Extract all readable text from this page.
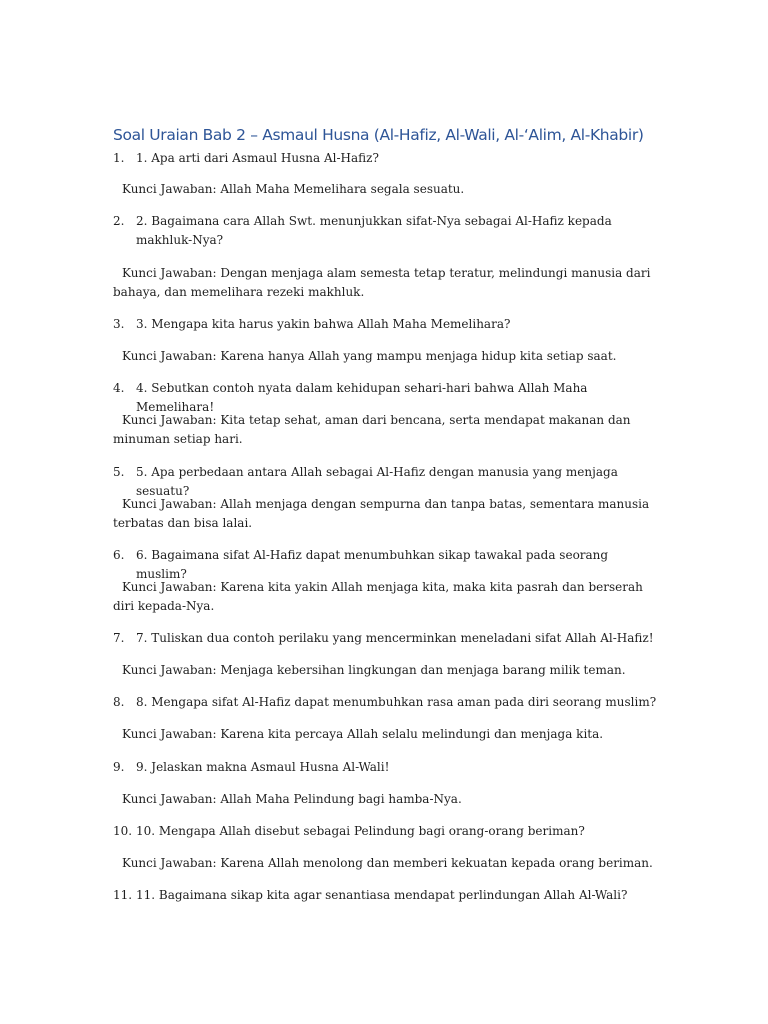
Soal Uraian Bab 2 – Asmaul Husna (Al-Hafiz, Al-Wali, Al-‘Alim, Al-Khabir)
1. 1. Apa arti dari Asmaul Husna Al-Hafiz?
Kunci Jawaban: Allah Maha Memelihara segala sesuatu.
2. 2. Bagaimana cara Allah Swt. menunjukkan sifat-Nya sebagai Al-Hafiz kepada makhluk-Nya?
Kunci Jawaban: Dengan menjaga alam semesta tetap teratur, melindungi manusia dari bahaya, dan memelihara rezeki makhluk.
3. 3. Mengapa kita harus yakin bahwa Allah Maha Memelihara?
Kunci Jawaban: Karena hanya Allah yang mampu menjaga hidup kita setiap saat.
4. 4. Sebutkan contoh nyata dalam kehidupan sehari-hari bahwa Allah Maha Memelihara!
Kunci Jawaban: Kita tetap sehat, aman dari bencana, serta mendapat makanan dan minuman setiap hari.
5. 5. Apa perbedaan antara Allah sebagai Al-Hafiz dengan manusia yang menjaga sesuatu?
Kunci Jawaban: Allah menjaga dengan sempurna dan tanpa batas, sementara manusia terbatas dan bisa lalai.
6. 6. Bagaimana sifat Al-Hafiz dapat menumbuhkan sikap tawakal pada seorang muslim?
Kunci Jawaban: Karena kita yakin Allah menjaga kita, maka kita pasrah dan berserah diri kepada-Nya.
7. 7. Tuliskan dua contoh perilaku yang mencerminkan meneladani sifat Allah Al-Hafiz!
Kunci Jawaban: Menjaga kebersihan lingkungan dan menjaga barang milik teman.
8. 8. Mengapa sifat Al-Hafiz dapat menumbuhkan rasa aman pada diri seorang muslim?
Kunci Jawaban: Karena kita percaya Allah selalu melindungi dan menjaga kita.
9. 9. Jelaskan makna Asmaul Husna Al-Wali!
Kunci Jawaban: Allah Maha Pelindung bagi hamba-Nya.
10. 10. Mengapa Allah disebut sebagai Pelindung bagi orang-orang beriman?
Kunci Jawaban: Karena Allah menolong dan memberi kekuatan kepada orang beriman.
11. 11. Bagaimana sikap kita agar senantiasa mendapat perlindungan Allah Al-Wali?
